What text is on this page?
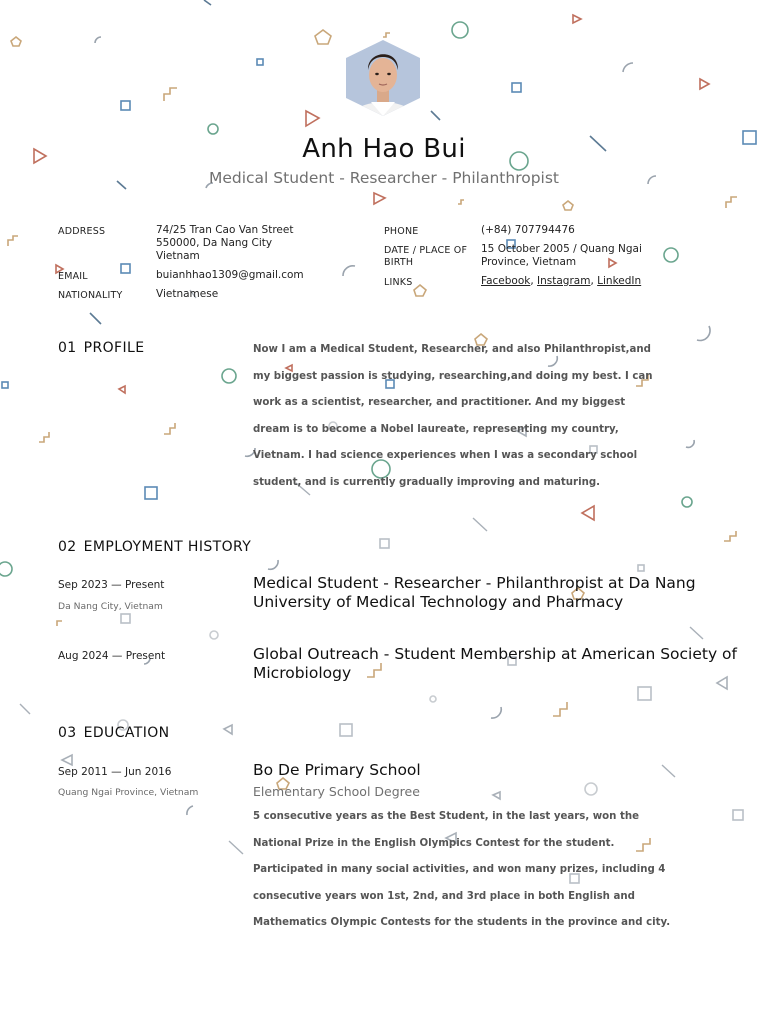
Anh Hao Bui
Medical Student - Researcher - Philanthropist
ADDRESS	74/25 Tran Cao Van Street
550000, Da Nang City
Vietnam
EMAIL	buianhhao1309@gmail.com
NATIONALITY	Vietnamese
PHONE	(+84) 707794476
DATE / PLACE OF
BIRTH
15 October 2005 / Quang Ngai
Province, Vietnam
LINKS	Facebook, Instagram, LinkedIn
01 PROFILE	Now I am a Medical Student, Researcher, and also Philanthropist,and
my biggest passion is studying, researching,and doing my best. I can
work as a scientist, researcher, and practitioner. And my biggest
dream is to become a Nobel laureate, representing my country,
Vietnam. I had science experiences when I was a secondary school
student, and is currently gradually improving and maturing.
02 EMPLOYMENT HISTORY
Sep 2023 — Present
Da Nang City, Vietnam
Medical Student - Researcher - Philanthropist at Da Nang
University of Medical Technology and Pharmacy
Aug 2024 — Present	Global Outreach - Student Membership at American Society of
Microbiology
03 EDUCATION
Sep 2011 — Jun 2016
Quang Ngai Province, Vietnam
Bo De Primary School
Elementary School Degree
5 consecutive years as the Best Student, in the last years, won the
National Prize in the English Olympics Contest for the student.
Participated in many social activities, and won many prizes, including 4
consecutive years won 1st, 2nd, and 3rd place in both English and
Mathematics Olympic Contests for the students in the province and city.
